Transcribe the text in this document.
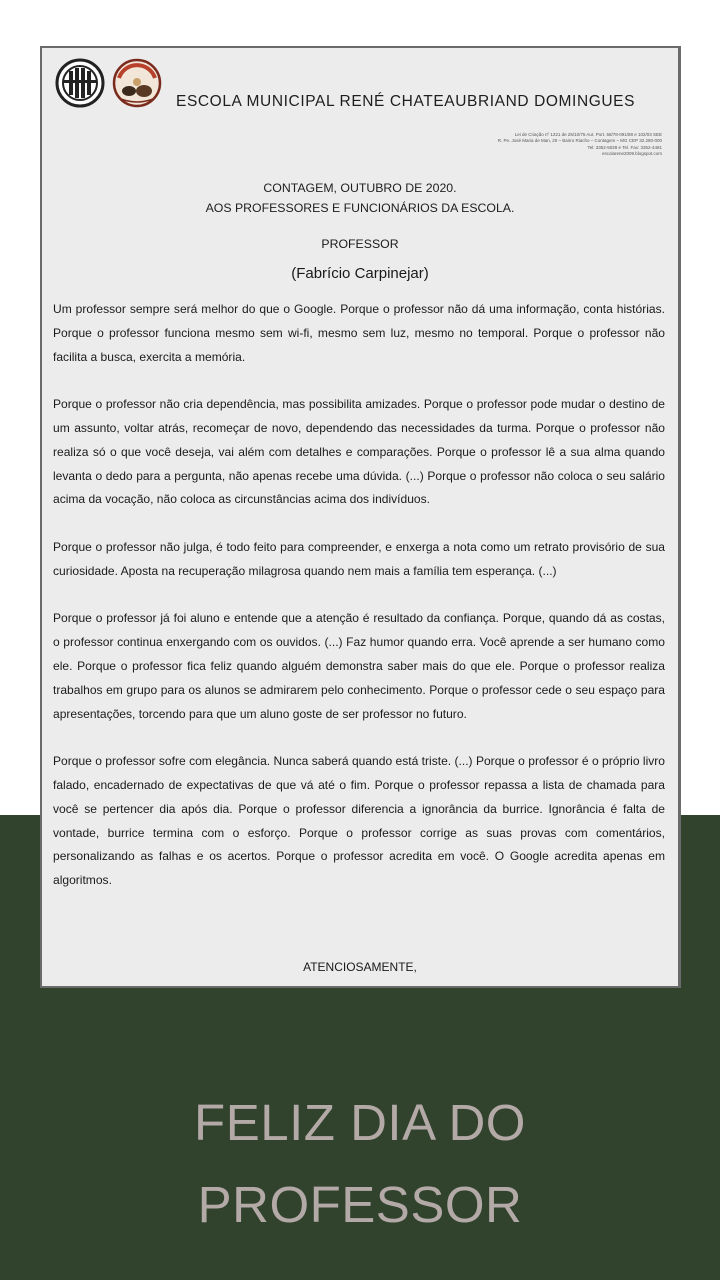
ESCOLA MUNICIPAL RENÉ CHATEAUBRIAND DOMINGUES
Lei de Criação nº 1221 de 25/10/75 Aut. Port. 58/78-091/88 e 102/03 SEE
R. Pe. José Maria de Man, 20 – Bairro Riacho – Contagem – MG CEP 32.280-000
Tel: 3352-5028 e Tel. Fax: 3352-4481
escolarene2009.blogspot.com
CONTAGEM, OUTUBRO DE 2020.
AOS PROFESSORES E FUNCIONÁRIOS DA ESCOLA.
PROFESSOR
(Fabrício Carpinejar)

Um professor sempre será melhor do que o Google. Porque o professor não dá uma informação, conta histórias. Porque o professor funciona mesmo sem wi-fi, mesmo sem luz, mesmo no temporal. Porque o professor não facilita a busca, exercita a memória.

Porque o professor não cria dependência, mas possibilita amizades. Porque o professor pode mudar o destino de um assunto, voltar atrás, recomeçar de novo, dependendo das necessidades da turma. Porque o professor não realiza só o que você deseja, vai além com detalhes e comparações. Porque o professor lê a sua alma quando levanta o dedo para a pergunta, não apenas recebe uma dúvida. (...) Porque o professor não coloca o seu salário acima da vocação, não coloca as circunstâncias acima dos indivíduos.

Porque o professor não julga, é todo feito para compreender, e enxerga a nota como um retrato provisório de sua curiosidade. Aposta na recuperação milagrosa quando nem mais a família tem esperança. (...)

Porque o professor já foi aluno e entende que a atenção é resultado da confiança. Porque, quando dá as costas, o professor continua enxergando com os ouvidos. (...) Faz humor quando erra. Você aprende a ser humano como ele. Porque o professor fica feliz quando alguém demonstra saber mais do que ele. Porque o professor realiza trabalhos em grupo para os alunos se admirarem pelo conhecimento. Porque o professor cede o seu espaço para apresentações, torcendo para que um aluno goste de ser professor no futuro.

Porque o professor sofre com elegância. Nunca saberá quando está triste. (...) Porque o professor é o próprio livro falado, encadernado de expectativas de que vá até o fim. Porque o professor repassa a lista de chamada para você se pertencer dia após dia. Porque o professor diferencia a ignorância da burrice. Ignorância é falta de vontade, burrice termina com o esforço. Porque o professor corrige as suas provas com comentários, personalizando as falhas e os acertos. Porque o professor acredita em você. O Google acredita apenas em algoritmos.

ATENCIOSAMENTE,
FELIZ DIA DO
PROFESSOR
